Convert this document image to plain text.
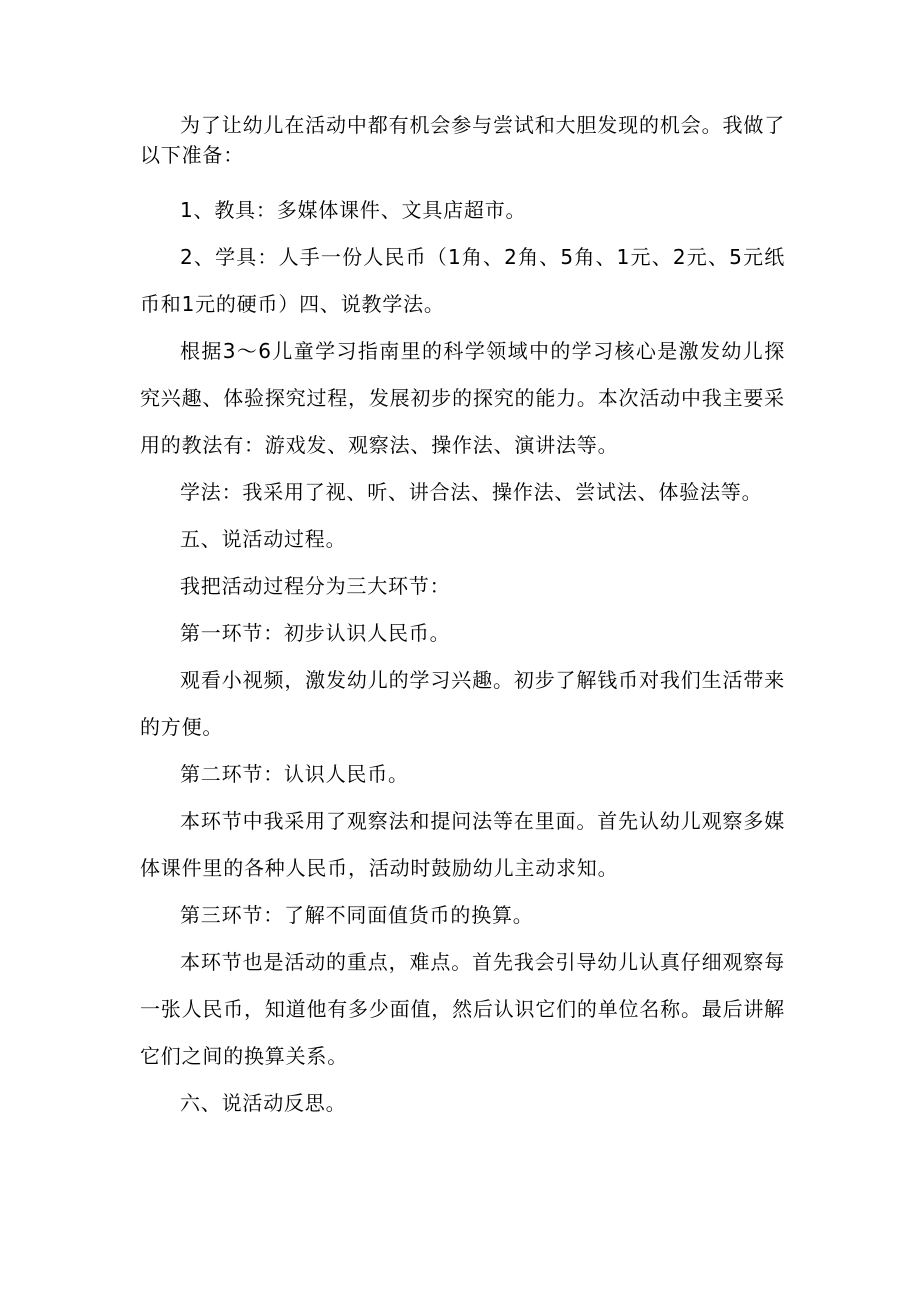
为了让幼儿在活动中都有机会参与尝试和大胆发现的机会。我做了以下准备：

1、教具：多媒体课件、文具店超市。

2、学具：人手一份人民币（1角、2角、5角、1元、2元、5元纸币和1元的硬币）四、说教学法。

根据3～6儿童学习指南里的科学领域中的学习核心是激发幼儿探究兴趣、体验探究过程，发展初步的探究的能力。本次活动中我主要采用的教法有：游戏发、观察法、操作法、演讲法等。

学法：我采用了视、听、讲合法、操作法、尝试法、体验法等。

五、说活动过程。

我把活动过程分为三大环节：

第一环节：初步认识人民币。

观看小视频，激发幼儿的学习兴趣。初步了解钱币对我们生活带来的方便。

第二环节：认识人民币。

本环节中我采用了观察法和提问法等在里面。首先认幼儿观察多媒体课件里的各种人民币，活动时鼓励幼儿主动求知。

第三环节：了解不同面值货币的换算。

本环节也是活动的重点，难点。首先我会引导幼儿认真仔细观察每一张人民币，知道他有多少面值，然后认识它们的单位名称。最后讲解它们之间的换算关系。

六、说活动反思。
